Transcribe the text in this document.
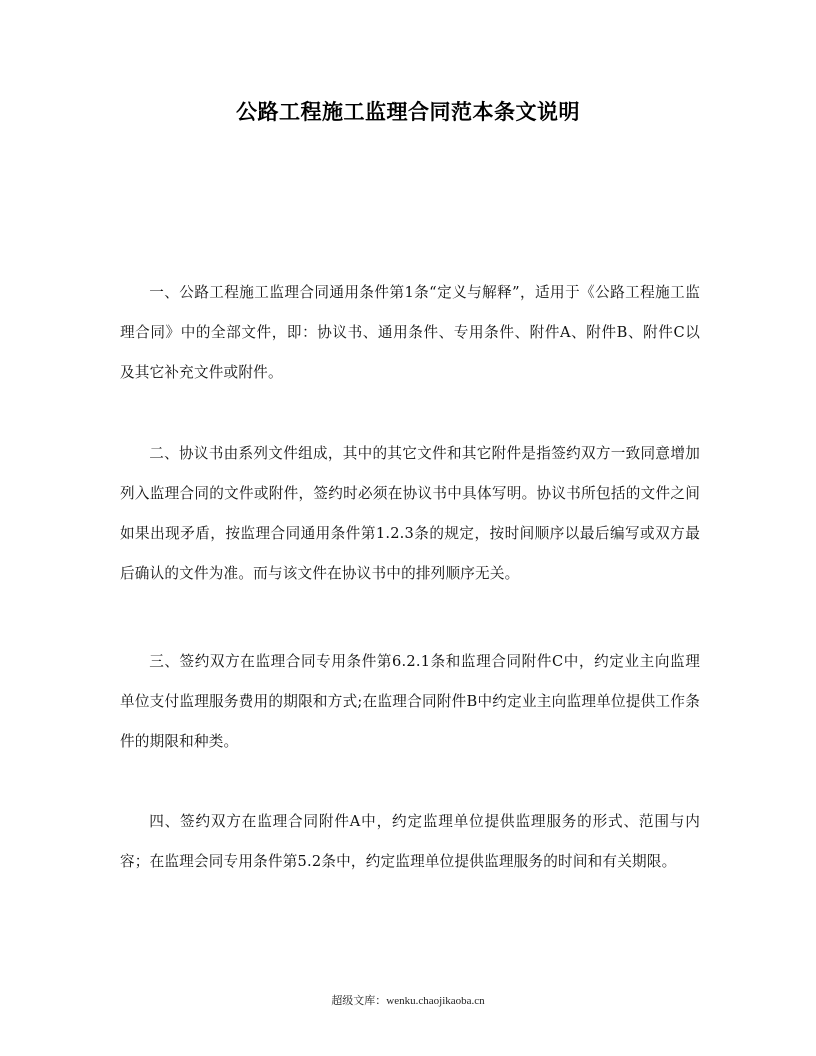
公路工程施工监理合同范本条文说明
一、公路工程施工监理合同通用条件第1条“定义与解释”，适用于《公路工程施工监理合同》中的全部文件，即：协议书、通用条件、专用条件、附件A、附件B、附件C以及其它补充文件或附件。
二、协议书由系列文件组成，其中的其它文件和其它附件是指签约双方一致同意增加列入监理合同的文件或附件，签约时必须在协议书中具体写明。协议书所包括的文件之间如果出现矛盾，按监理合同通用条件第1.2.3条的规定，按时间顺序以最后编写或双方最后确认的文件为准。而与该文件在协议书中的排列顺序无关。
三、签约双方在监理合同专用条件第6.2.1条和监理合同附件C中，约定业主向监理单位支付监理服务费用的期限和方式;在监理合同附件B中约定业主向监理单位提供工作条件的期限和种类。
四、签约双方在监理合同附件A中，约定监理单位提供监理服务的形式、范围与内容；在监理会同专用条件第5.2条中，约定监理单位提供监理服务的时间和有关期限。
超级文库：wenku.chaojikaoba.cn
